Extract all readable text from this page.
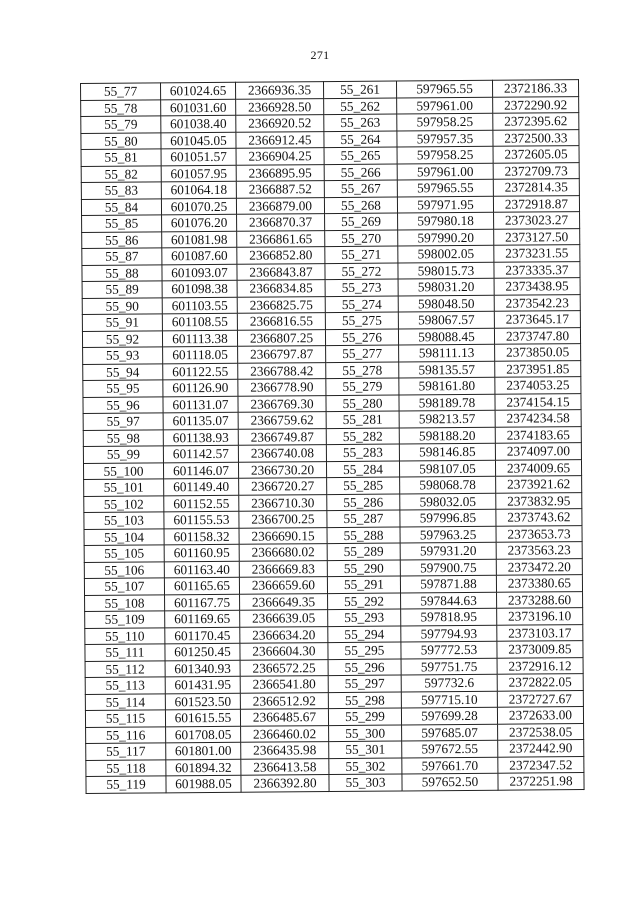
271
55_77	601024.65	2366936.35	55_261	597965.55	2372186.33
55_78	601031.60	2366928.50	55_262	597961.00	2372290.92
55_79	601038.40	2366920.52	55_263	597958.25	2372395.62
55_80	601045.05	2366912.45	55_264	597957.35	2372500.33
55_81	601051.57	2366904.25	55_265	597958.25	2372605.05
55_82	601057.95	2366895.95	55_266	597961.00	2372709.73
55_83	601064.18	2366887.52	55_267	597965.55	2372814.35
55_84	601070.25	2366879.00	55_268	597971.95	2372918.87
55_85	601076.20	2366870.37	55_269	597980.18	2373023.27
55_86	601081.98	2366861.65	55_270	597990.20	2373127.50
55_87	601087.60	2366852.80	55_271	598002.05	2373231.55
55_88	601093.07	2366843.87	55_272	598015.73	2373335.37
55_89	601098.38	2366834.85	55_273	598031.20	2373438.95
55_90	601103.55	2366825.75	55_274	598048.50	2373542.23
55_91	601108.55	2366816.55	55_275	598067.57	2373645.17
55_92	601113.38	2366807.25	55_276	598088.45	2373747.80
55_93	601118.05	2366797.87	55_277	598111.13	2373850.05
55_94	601122.55	2366788.42	55_278	598135.57	2373951.85
55_95	601126.90	2366778.90	55_279	598161.80	2374053.25
55_96	601131.07	2366769.30	55_280	598189.78	2374154.15
55_97	601135.07	2366759.62	55_281	598213.57	2374234.58
55_98	601138.93	2366749.87	55_282	598188.20	2374183.65
55_99	601142.57	2366740.08	55_283	598146.85	2374097.00
55_100	601146.07	2366730.20	55_284	598107.05	2374009.65
55_101	601149.40	2366720.27	55_285	598068.78	2373921.62
55_102	601152.55	2366710.30	55_286	598032.05	2373832.95
55_103	601155.53	2366700.25	55_287	597996.85	2373743.62
55_104	601158.32	2366690.15	55_288	597963.25	2373653.73
55_105	601160.95	2366680.02	55_289	597931.20	2373563.23
55_106	601163.40	2366669.83	55_290	597900.75	2373472.20
55_107	601165.65	2366659.60	55_291	597871.88	2373380.65
55_108	601167.75	2366649.35	55_292	597844.63	2373288.60
55_109	601169.65	2366639.05	55_293	597818.95	2373196.10
55_110	601170.45	2366634.20	55_294	597794.93	2373103.17
55_111	601250.45	2366604.30	55_295	597772.53	2373009.85
55_112	601340.93	2366572.25	55_296	597751.75	2372916.12
55_113	601431.95	2366541.80	55_297	597732.6	2372822.05
55_114	601523.50	2366512.92	55_298	597715.10	2372727.67
55_115	601615.55	2366485.67	55_299	597699.28	2372633.00
55_116	601708.05	2366460.02	55_300	597685.07	2372538.05
55_117	601801.00	2366435.98	55_301	597672.55	2372442.90
55_118	601894.32	2366413.58	55_302	597661.70	2372347.52
55_119	601988.05	2366392.80	55_303	597652.50	2372251.98
